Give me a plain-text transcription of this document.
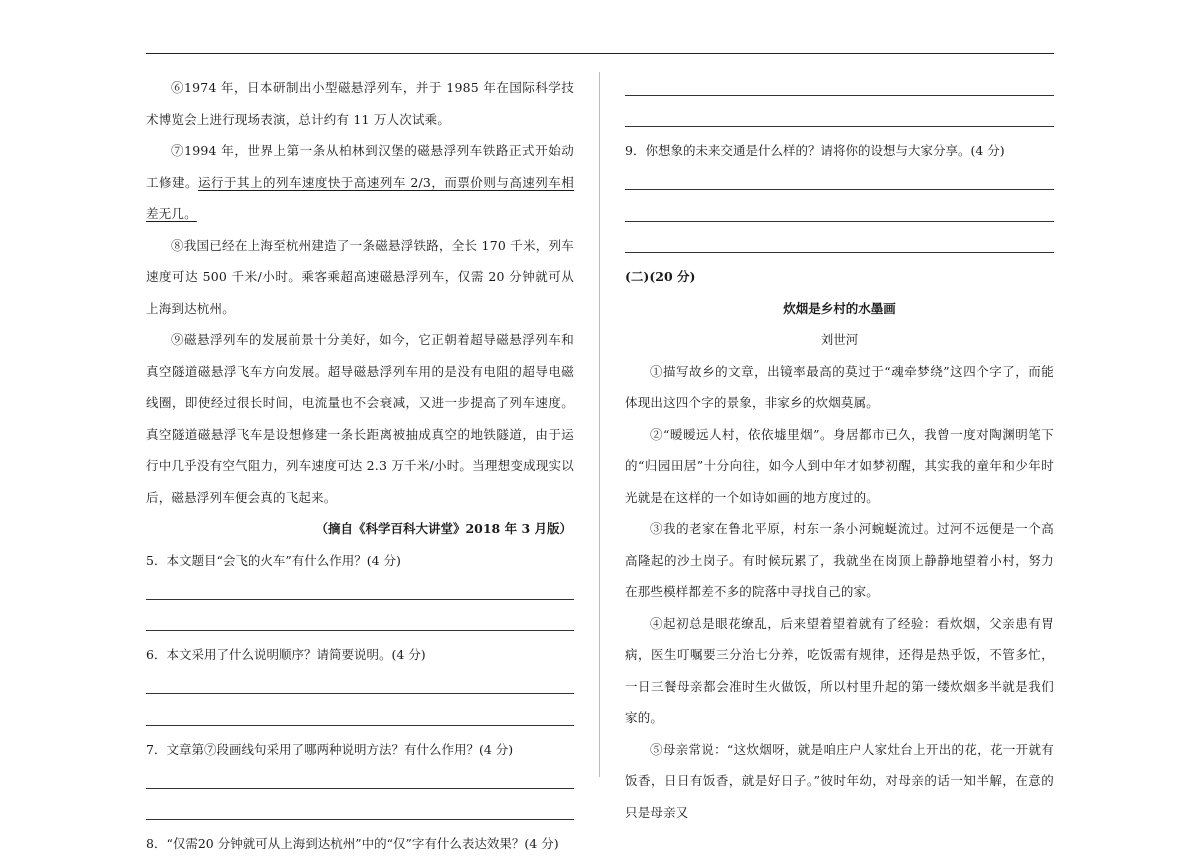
⑥1974 年，日本研制出小型磁悬浮列车，并于 1985 年在国际科学技术博览会上进行现场表演，总计约有 11 万人次试乘。

⑦1994 年，世界上第一条从柏林到汉堡的磁悬浮列车铁路正式开始动工修建。运行于其上的列车速度快于高速列车 2/3，而票价则与高速列车相差无几。

⑧我国已经在上海至杭州建造了一条磁悬浮铁路，全长 170 千米，列车速度可达 500 千米/小时。乘客乘超高速磁悬浮列车，仅需 20 分钟就可从上海到达杭州。

⑨磁悬浮列车的发展前景十分美好，如今，它正朝着超导磁悬浮列车和真空隧道磁悬浮飞车方向发展。超导磁悬浮列车用的是没有电阻的超导电磁线圈，即使经过很长时间，电流量也不会衰减，又进一步提高了列车速度。真空隧道磁悬浮飞车是设想修建一条长距离被抽成真空的地铁隧道，由于运行中几乎没有空气阻力，列车速度可达 2.3 万千米/小时。当理想变成现实以后，磁悬浮列车便会真的飞起来。

（摘自《科学百科大讲堂》2018 年 3 月版）

5．本文题目“会飞的火车”有什么作用？(4 分)

6．本文采用了什么说明顺序？请简要说明。(4 分)

7．文章第⑦段画线句采用了哪两种说明方法？有什么作用？(4 分)

8．“仅需20 分钟就可从上海到达杭州”中的“仅”字有什么表达效果？(4 分)

9．你想象的未来交通是什么样的？请将你的设想与大家分享。(4 分)

(二)(20 分)

炊烟是乡村的水墨画

刘世河

①描写故乡的文章，出镜率最高的莫过于“魂牵梦绕”这四个字了，而能体现出这四个字的景象，非家乡的炊烟莫属。

②“暧暧远人村，依依墟里烟”。身居都市已久，我曾一度对陶渊明笔下的“归园田居”十分向往，如今人到中年才如梦初醒，其实我的童年和少年时光就是在这样的一个如诗如画的地方度过的。

③我的老家在鲁北平原，村东一条小河蜿蜒流过。过河不远便是一个高高隆起的沙土岗子。有时候玩累了，我就坐在岗顶上静静地望着小村，努力在那些模样都差不多的院落中寻找自己的家。

④起初总是眼花缭乱，后来望着望着就有了经验：看炊烟，父亲患有胃病，医生叮嘱要三分治七分养，吃饭需有规律，还得是热乎饭，不管多忙，一日三餐母亲都会准时生火做饭，所以村里升起的第一缕炊烟多半就是我们家的。

⑤母亲常说：“这炊烟呀，就是咱庄户人家灶台上开出的花，花一开就有饭香，日日有饭香，就是好日子。”彼时年幼，对母亲的话一知半解，在意的只是母亲又
